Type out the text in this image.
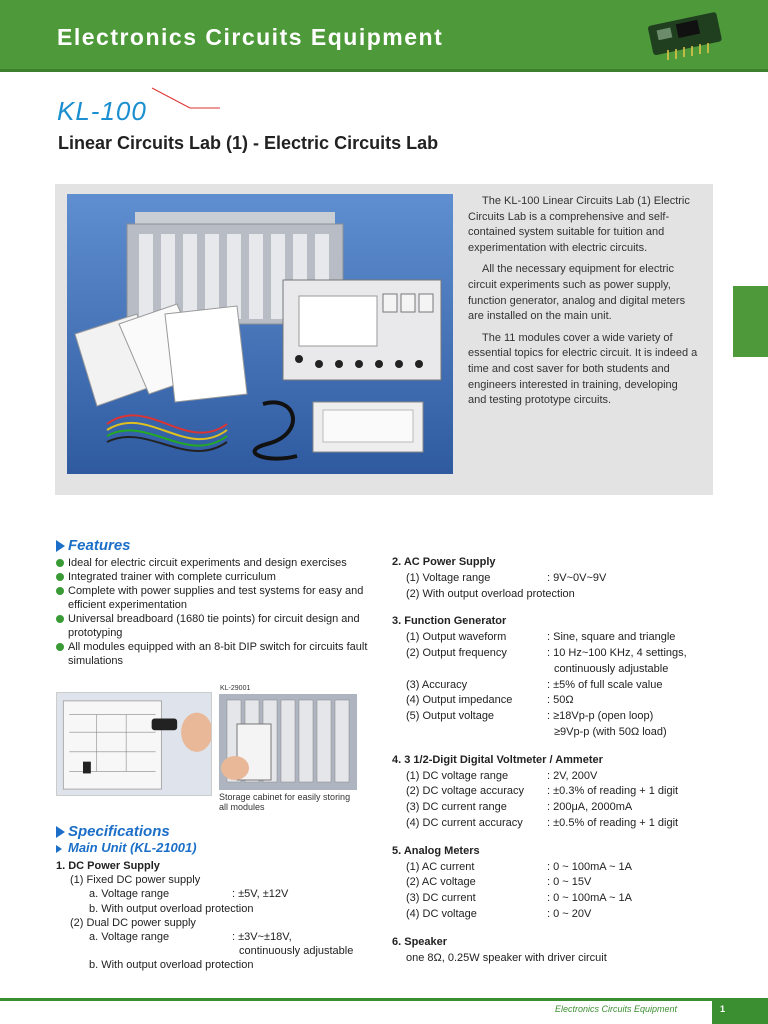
Electronics Circuits Equipment
KL-100
Linear Circuits Lab (1) - Electric Circuits Lab

The KL-100 Linear Circuits Lab (1) Electric Circuits Lab is a comprehensive and self-contained system suitable for tuition and experimentation with electric circuits.

All the necessary equipment for electric circuit experiments such as power supply, function generator, analog and digital meters are installed on the main unit.

The 11 modules cover a wide variety of essential topics for electric circuit. It is indeed a time and cost saver for both students and engineers interested in training, developing and testing prototype circuits.

Features
Ideal for electric circuit experiments and design exercises
Integrated trainer with complete curriculum
Complete with power supplies and test systems for easy and efficient experimentation
Universal breadboard (1680 tie points) for circuit design and prototyping
All modules equipped with an 8-bit DIP switch for circuits fault simulations
KL-29001
Storage cabinet for easily storing all modules
Specifications
Main Unit (KL-21001)
1. DC Power Supply
(1) Fixed DC power supply
a. Voltage range	: ±5V, ±12V
b. With output overload protection
(2) Dual DC power supply
a. Voltage range	: ±3V~±18V,
continuously adjustable
b. With output overload protection
2. AC Power Supply
(1) Voltage range	: 9V~0V~9V
(2) With output overload protection
3. Function Generator
(1) Output waveform	: Sine, square and triangle
(2) Output frequency	: 10 Hz~100 KHz, 4 settings,
continuously adjustable
(3) Accuracy	: ±5% of full scale value
(4) Output impedance	: 50Ω
(5) Output voltage	: ≥18Vp-p (open loop)
≥9Vp-p (with 50Ω load)
4. 3 1/2-Digit Digital Voltmeter / Ammeter
(1) DC voltage range	: 2V, 200V
(2) DC voltage accuracy : ±0.3% of reading + 1 digit
(3) DC current range	: 200μA, 2000mA
(4) DC current accuracy : ±0.5% of reading + 1 digit
5. Analog Meters
(1) AC current	: 0 ~ 100mA ~ 1A
(2) AC voltage	: 0 ~ 15V
(3) DC current	: 0 ~ 100mA ~ 1A
(4) DC voltage	: 0 ~ 20V
6. Speaker
one 8Ω, 0.25W speaker with driver circuit
Electronics Circuits Equipment	1
